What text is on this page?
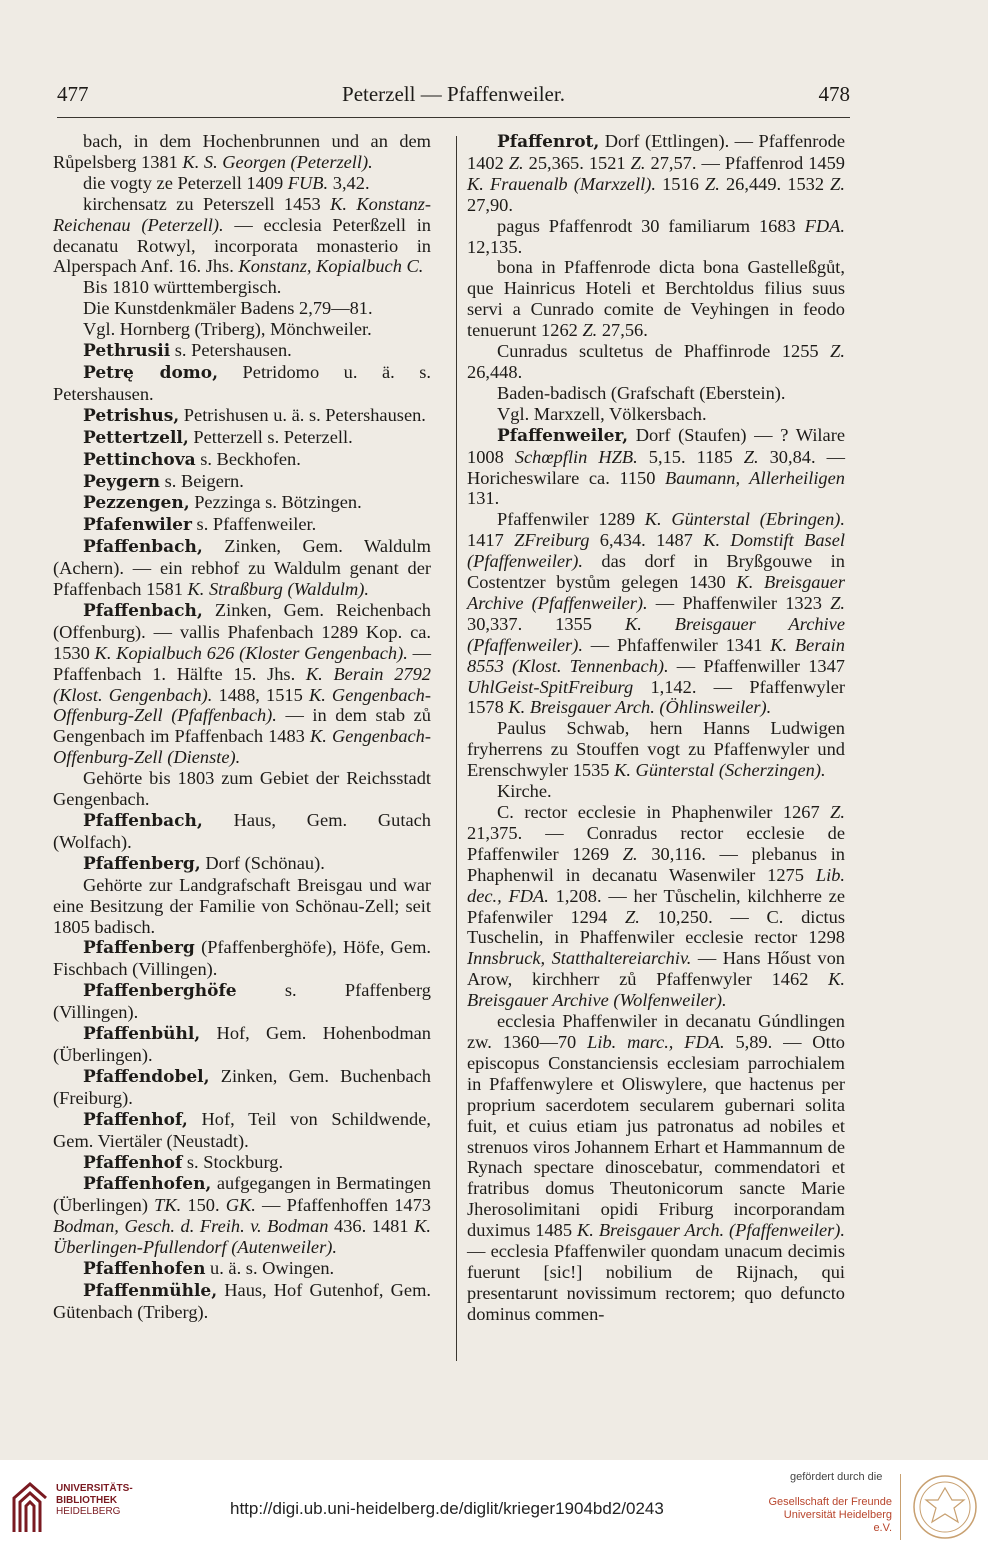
477	Peterzell — Pfaffenweiler.	478

bach, in dem Hochenbrunnen und an dem Růpelsberg 1381 K. S. Georgen (Peterzell).

die vogty ze Peterzell 1409 FUB. 3,42.

kirchensatz zu Peterszell 1453 K. Konstanz-Reichenau (Peterzell). — ecclesia Peterßzell in decanatu Rotwyl, incorporata monasterio in Alperspach Anf. 16. Jhs. Konstanz, Kopialbuch C.

Bis 1810 württembergisch.

Die Kunstdenkmäler Badens 2,79—81.

Vgl. Hornberg (Triberg), Mönchweiler.

Pethrusii s. Petershausen.

Petrę domo, Petridomo u. ä. s. Petershausen.

Petrishus, Petrishusen u. ä. s. Petershausen.

Pettertzell, Petterzell s. Peterzell.

Pettinchova s. Beckhofen.

Peygern s. Beigern.

Pezzengen, Pezzinga s. Bötzingen.

Pfafenwiler s. Pfaffenweiler.

Pfaffenbach, Zinken, Gem. Waldulm (Achern). — ein rebhof zu Waldulm genant der Pfaffenbach 1581 K. Straßburg (Waldulm).

Pfaffenbach, Zinken, Gem. Reichenbach (Offenburg). — vallis Phafenbach 1289 Kop. ca. 1530 K. Kopialbuch 626 (Kloster Gengenbach). — Pfaffenbach 1. Hälfte 15. Jhs. K. Berain 2792 (Klost. Gengenbach). 1488, 1515 K. Gengenbach-Offenburg-Zell (Pfaffenbach). — in dem stab zů Gengenbach im Pfaffenbach 1483 K. Gengenbach-Offenburg-Zell (Dienste).

Gehörte bis 1803 zum Gebiet der Reichsstadt Gengenbach.

Pfaffenbach, Haus, Gem. Gutach (Wolfach).

Pfaffenberg, Dorf (Schönau).

Gehörte zur Landgrafschaft Breisgau und war eine Besitzung der Familie von Schönau-Zell; seit 1805 badisch.

Pfaffenberg (Pfaffenberghöfe), Höfe, Gem. Fischbach (Villingen).

Pfaffenberghöfe s. Pfaffenberg (Villingen).

Pfaffenbühl, Hof, Gem. Hohenbodman (Überlingen).

Pfaffendobel, Zinken, Gem. Buchenbach (Freiburg).

Pfaffenhof, Hof, Teil von Schildwende, Gem. Viertäler (Neustadt).

Pfaffenhof s. Stockburg.

Pfaffenhofen, aufgegangen in Bermatingen (Überlingen) TK. 150. GK. — Pfaffenhoffen 1473 Bodman, Gesch. d. Freih. v. Bodman 436. 1481 K. Überlingen-Pfullendorf (Autenweiler).

Pfaffenhofen u. ä. s. Owingen.

Pfaffenmühle, Haus, Hof Gutenhof, Gem. Gütenbach (Triberg).

Pfaffenrot, Dorf (Ettlingen). — Pfaffenrode 1402 Z. 25,365. 1521 Z. 27,57. — Pfaffenrod 1459 K. Frauenalb (Marxzell). 1516 Z. 26,449. 1532 Z. 27,90.

pagus Pfaffenrodt 30 familiarum 1683 FDA. 12,135.

bona in Pfaffenrode dicta bona Gastelleßgůt, que Hainricus Hoteli et Berchtoldus filius suus servi a Cunrado comite de Veyhingen in feodo tenuerunt 1262 Z. 27,56.

Cunradus scultetus de Phaffinrode 1255 Z. 26,448.

Baden-badisch (Grafschaft (Eberstein).

Vgl. Marxzell, Völkersbach.

Pfaffenweiler, Dorf (Staufen) — ? Wilare 1008 Schœpflin HZB. 5,15. 1185 Z. 30,84. — Horicheswilare ca. 1150 Baumann, Allerheiligen 131.

Pfaffenwiler 1289 K. Günterstal (Ebringen). 1417 ZFreiburg 6,434. 1487 K. Domstift Basel (Pfaffenweiler). das dorf in Bryßgouwe in Costentzer bystům gelegen 1430 K. Breisgauer Archive (Pfaffenweiler). — Phaffenwiler 1323 Z. 30,337. 1355 K. Breisgauer Archive (Pfaffenweiler). — Phfaffenwiler 1341 K. Berain 8553 (Klost. Tennenbach). — Pfaffenwiller 1347 UhlGeist-SpitFreiburg 1,142. — Pfaffenwyler 1578 K. Breisgauer Arch. (Öhlinsweiler).

Paulus Schwab, hern Hanns Ludwigen fryherrens zu Stouffen vogt zu Pfaffenwyler und Erenschwyler 1535 K. Günterstal (Scherzingen).

Kirche.

C. rector ecclesie in Phaphenwiler 1267 Z. 21,375. — Conradus rector ecclesie de Pfaffenwiler 1269 Z. 30,116. — plebanus in Phaphenwil in decanatu Wasenwiler 1275 Lib. dec., FDA. 1,208. — her Tůschelin, kilchherre ze Pfafenwiler 1294 Z. 10,250. — C. dictus Tuschelin, in Phaffenwiler ecclesie rector 1298 Innsbruck, Statthaltereiarchiv. — Hans Hőust von Arow, kirchherr zů Pfaffenwyler 1462 K. Breisgauer Archive (Wolfenweiler).

ecclesia Phaffenwiler in decanatu Gúndlingen zw. 1360—70 Lib. marc., FDA. 5,89. — Otto episcopus Constanciensis ecclesiam parrochialem in Pfaffenwylere et Oliswylere, que hactenus per proprium sacerdotem secularem gubernari solita fuit, et cuius etiam jus patronatus ad nobiles et strenuos viros Johannem Erhart et Hammannum de Rynach spectare dinoscebatur, commendatori et fratribus domus Theutonicorum sancte Marie Jherosolimitani opidi Friburg incorporandam duximus 1485 K. Breisgauer Arch. (Pfaffenweiler). — ecclesia Pfaffenwiler quondam unacum decimis fuerunt [sic!] nobilium de Rijnach, qui presentarunt novissimum rectorem; quo defuncto dominus commen-

UNIVERSITÄTS-
BIBLIOTHEK
HEIDELBERG	http://digi.ub.uni-heidelberg.de/diglit/krieger1904bd2/0243
gefördert durch die
Gesellschaft der Freunde
Universität Heidelberg e.V.
